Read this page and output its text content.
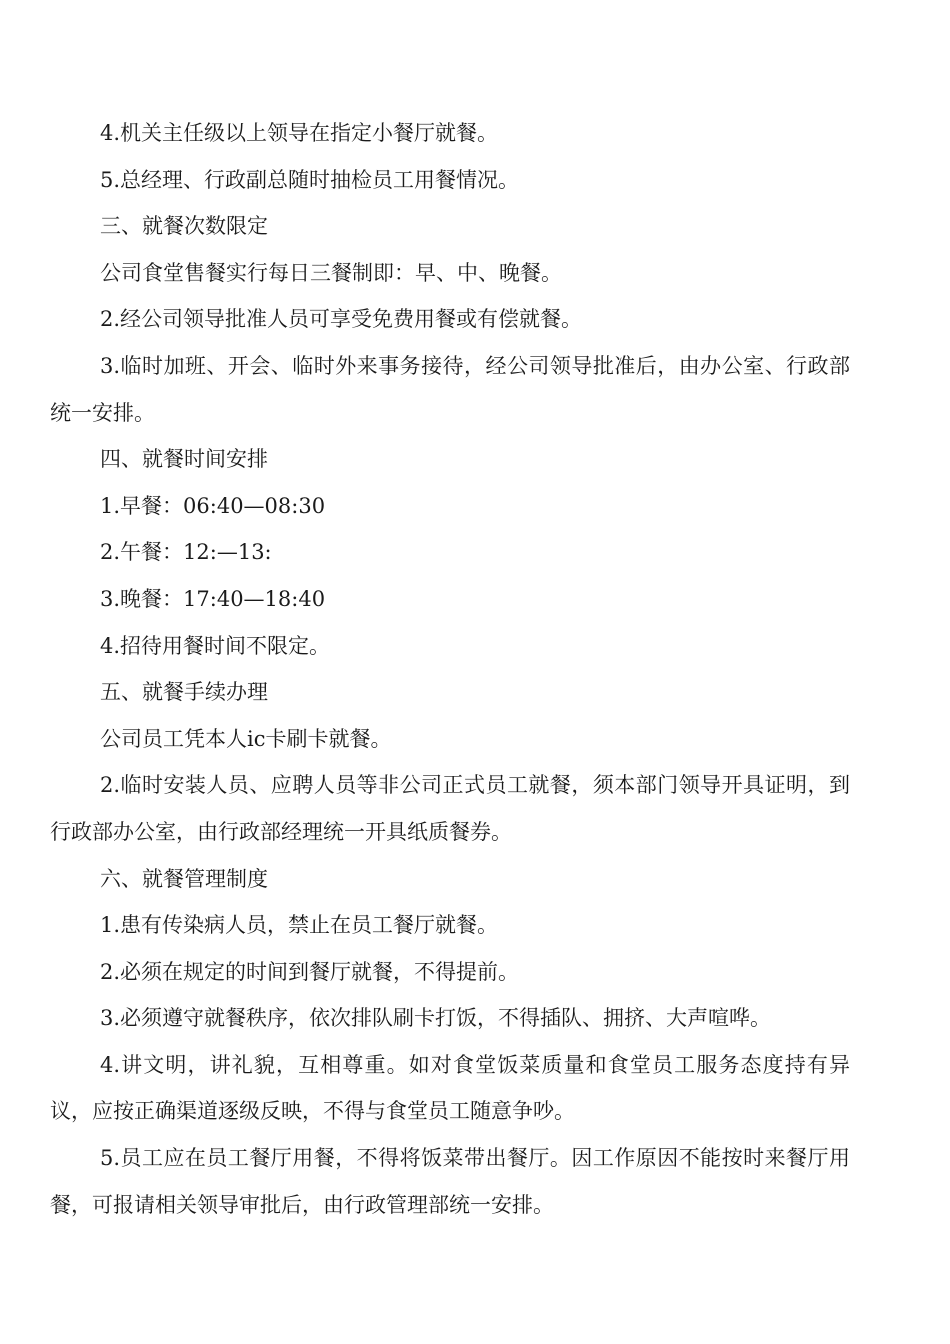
4.机关主任级以上领导在指定小餐厅就餐。

5.总经理、行政副总随时抽检员工用餐情况。

三、就餐次数限定

公司食堂售餐实行每日三餐制即：早、中、晚餐。

2.经公司领导批准人员可享受免费用餐或有偿就餐。

3.临时加班、开会、临时外来事务接待，经公司领导批准后，由办公室、行政部统一安排。

四、就餐时间安排

1.早餐：06:40—08:30

2.午餐：12:—13:

3.晚餐：17:40—18:40

4.招待用餐时间不限定。

五、就餐手续办理

公司员工凭本人ic卡刷卡就餐。

2.临时安装人员、应聘人员等非公司正式员工就餐，须本部门领导开具证明，到行政部办公室，由行政部经理统一开具纸质餐券。

六、就餐管理制度

1.患有传染病人员，禁止在员工餐厅就餐。

2.必须在规定的时间到餐厅就餐，不得提前。

3.必须遵守就餐秩序，依次排队刷卡打饭，不得插队、拥挤、大声喧哗。

4.讲文明，讲礼貌，互相尊重。如对食堂饭菜质量和食堂员工服务态度持有异议，应按正确渠道逐级反映，不得与食堂员工随意争吵。

5.员工应在员工餐厅用餐，不得将饭菜带出餐厅。因工作原因不能按时来餐厅用餐，可报请相关领导审批后，由行政管理部统一安排。
